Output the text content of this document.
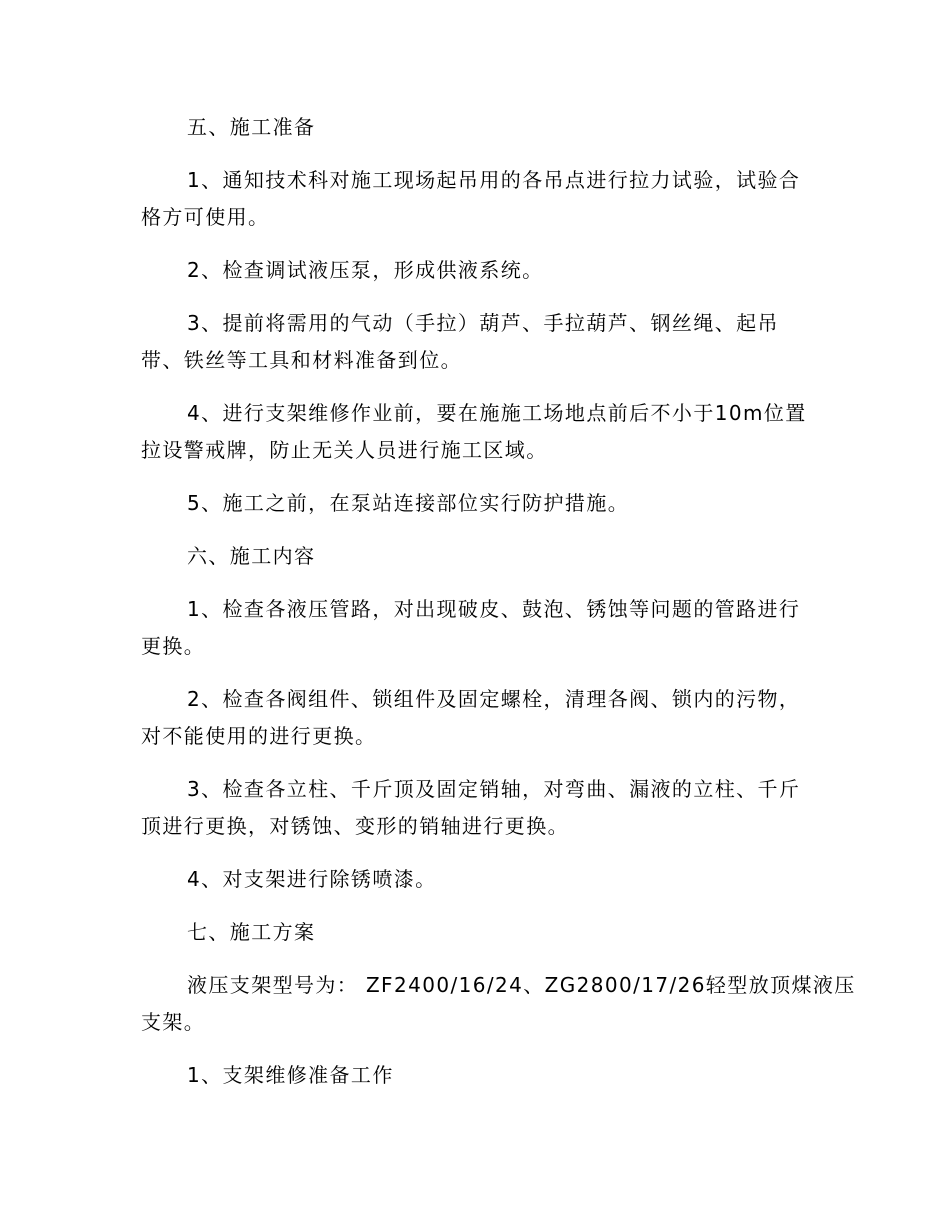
五、施工准备
1、通知技术科对施工现场起吊用的各吊点进行拉力试验，试验合
格方可使用。
2、检查调试液压泵，形成供液系统。
3、提前将需用的气动（手拉）葫芦、手拉葫芦、钢丝绳、起吊
带、铁丝等工具和材料准备到位。
4、进行支架维修作业前，要在施施工场地点前后不小于10m位置
拉设警戒牌，防止无关人员进行施工区域。
5、施工之前，在泵站连接部位实行防护措施。
六、施工内容
1、检查各液压管路，对出现破皮、鼓泡、锈蚀等问题的管路进行
更换。
2、检查各阀组件、锁组件及固定螺栓，清理各阀、锁内的污物，
对不能使用的进行更换。
3、检查各立柱、千斤顶及固定销轴，对弯曲、漏液的立柱、千斤
顶进行更换，对锈蚀、变形的销轴进行更换。
4、对支架进行除锈喷漆。
七、施工方案
液压支架型号为： ZF2400/16/24、ZG2800/17/26轻型放顶煤液压
支架。
1、支架维修准备工作
